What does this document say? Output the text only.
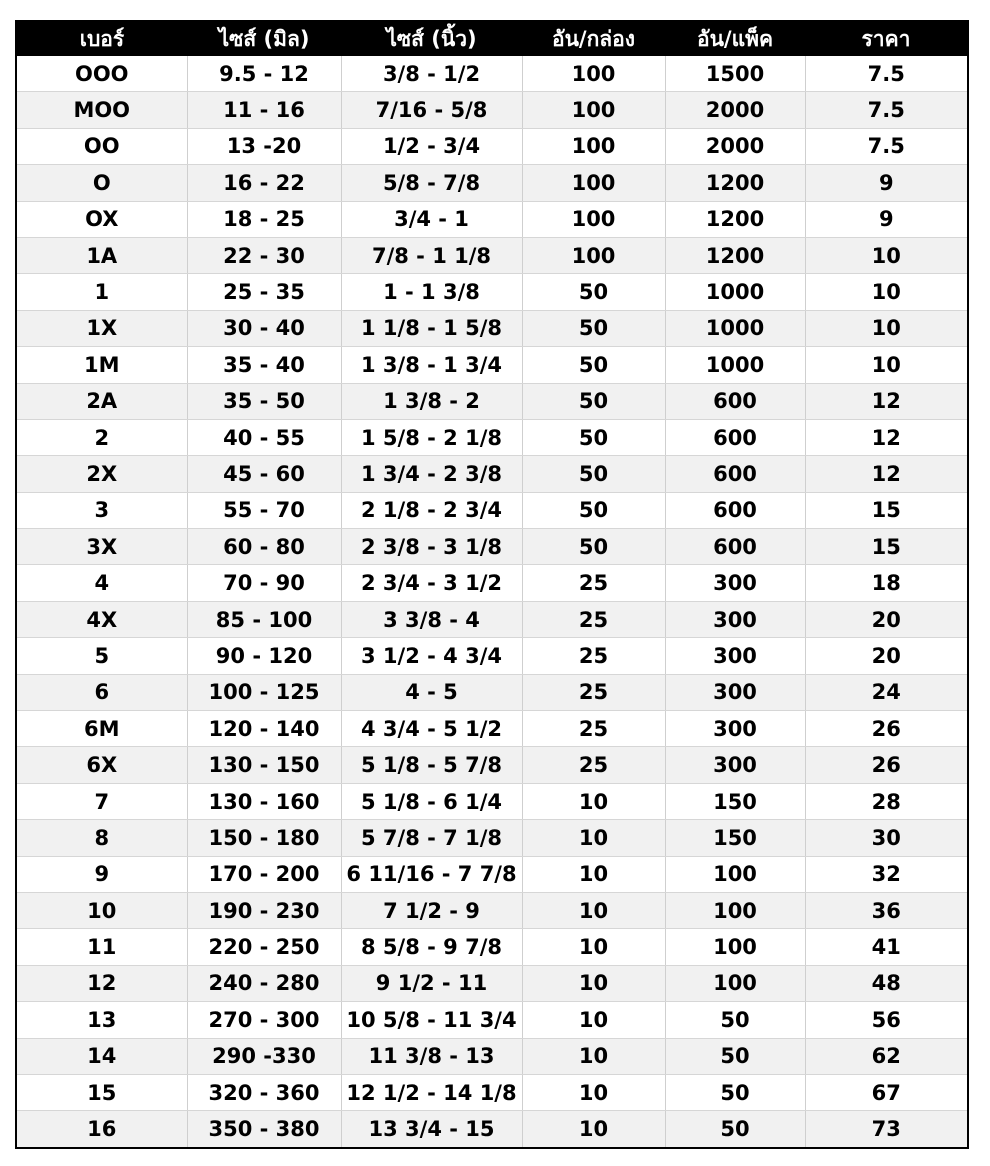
เบอร์	ไซส์ (มิล)	ไซส์ (นิ้ว)	อัน/กล่อง	อัน/แพ็ค	ราคา
OOO	9.5 - 12	3/8 - 1/2	100	1500	7.5
MOO	11 - 16	7/16 - 5/8	100	2000	7.5
OO	13 -20	1/2 - 3/4	100	2000	7.5
O	16 - 22	5/8 - 7/8	100	1200	9
OX	18 - 25	3/4 - 1	100	1200	9
1A	22 - 30	7/8 - 1 1/8	100	1200	10
1	25 - 35	1 - 1 3/8	50	1000	10
1X	30 - 40	1 1/8 - 1 5/8	50	1000	10
1M	35 - 40	1 3/8 - 1 3/4	50	1000	10
2A	35 - 50	1 3/8 - 2	50	600	12
2	40 - 55	1 5/8 - 2 1/8	50	600	12
2X	45 - 60	1 3/4 - 2 3/8	50	600	12
3	55 - 70	2 1/8 - 2 3/4	50	600	15
3X	60 - 80	2 3/8 - 3 1/8	50	600	15
4	70 - 90	2 3/4 - 3 1/2	25	300	18
4X	85 - 100	3 3/8 - 4	25	300	20
5	90 - 120	3 1/2 - 4 3/4	25	300	20
6	100 - 125	4 - 5	25	300	24
6M	120 - 140	4 3/4 - 5 1/2	25	300	26
6X	130 - 150	5 1/8 - 5 7/8	25	300	26
7	130 - 160	5 1/8 - 6 1/4	10	150	28
8	150 - 180	5 7/8 - 7 1/8	10	150	30
9	170 - 200	6 11/16 - 7 7/8	10	100	32
10	190 - 230	7 1/2 - 9	10	100	36
11	220 - 250	8 5/8 - 9 7/8	10	100	41
12	240 - 280	9 1/2 - 11	10	100	48
13	270 - 300	10 5/8 - 11 3/4	10	50	56
14	290 -330	11 3/8 - 13	10	50	62
15	320 - 360	12 1/2 - 14 1/8	10	50	67
16	350 - 380	13 3/4 - 15	10	50	73
